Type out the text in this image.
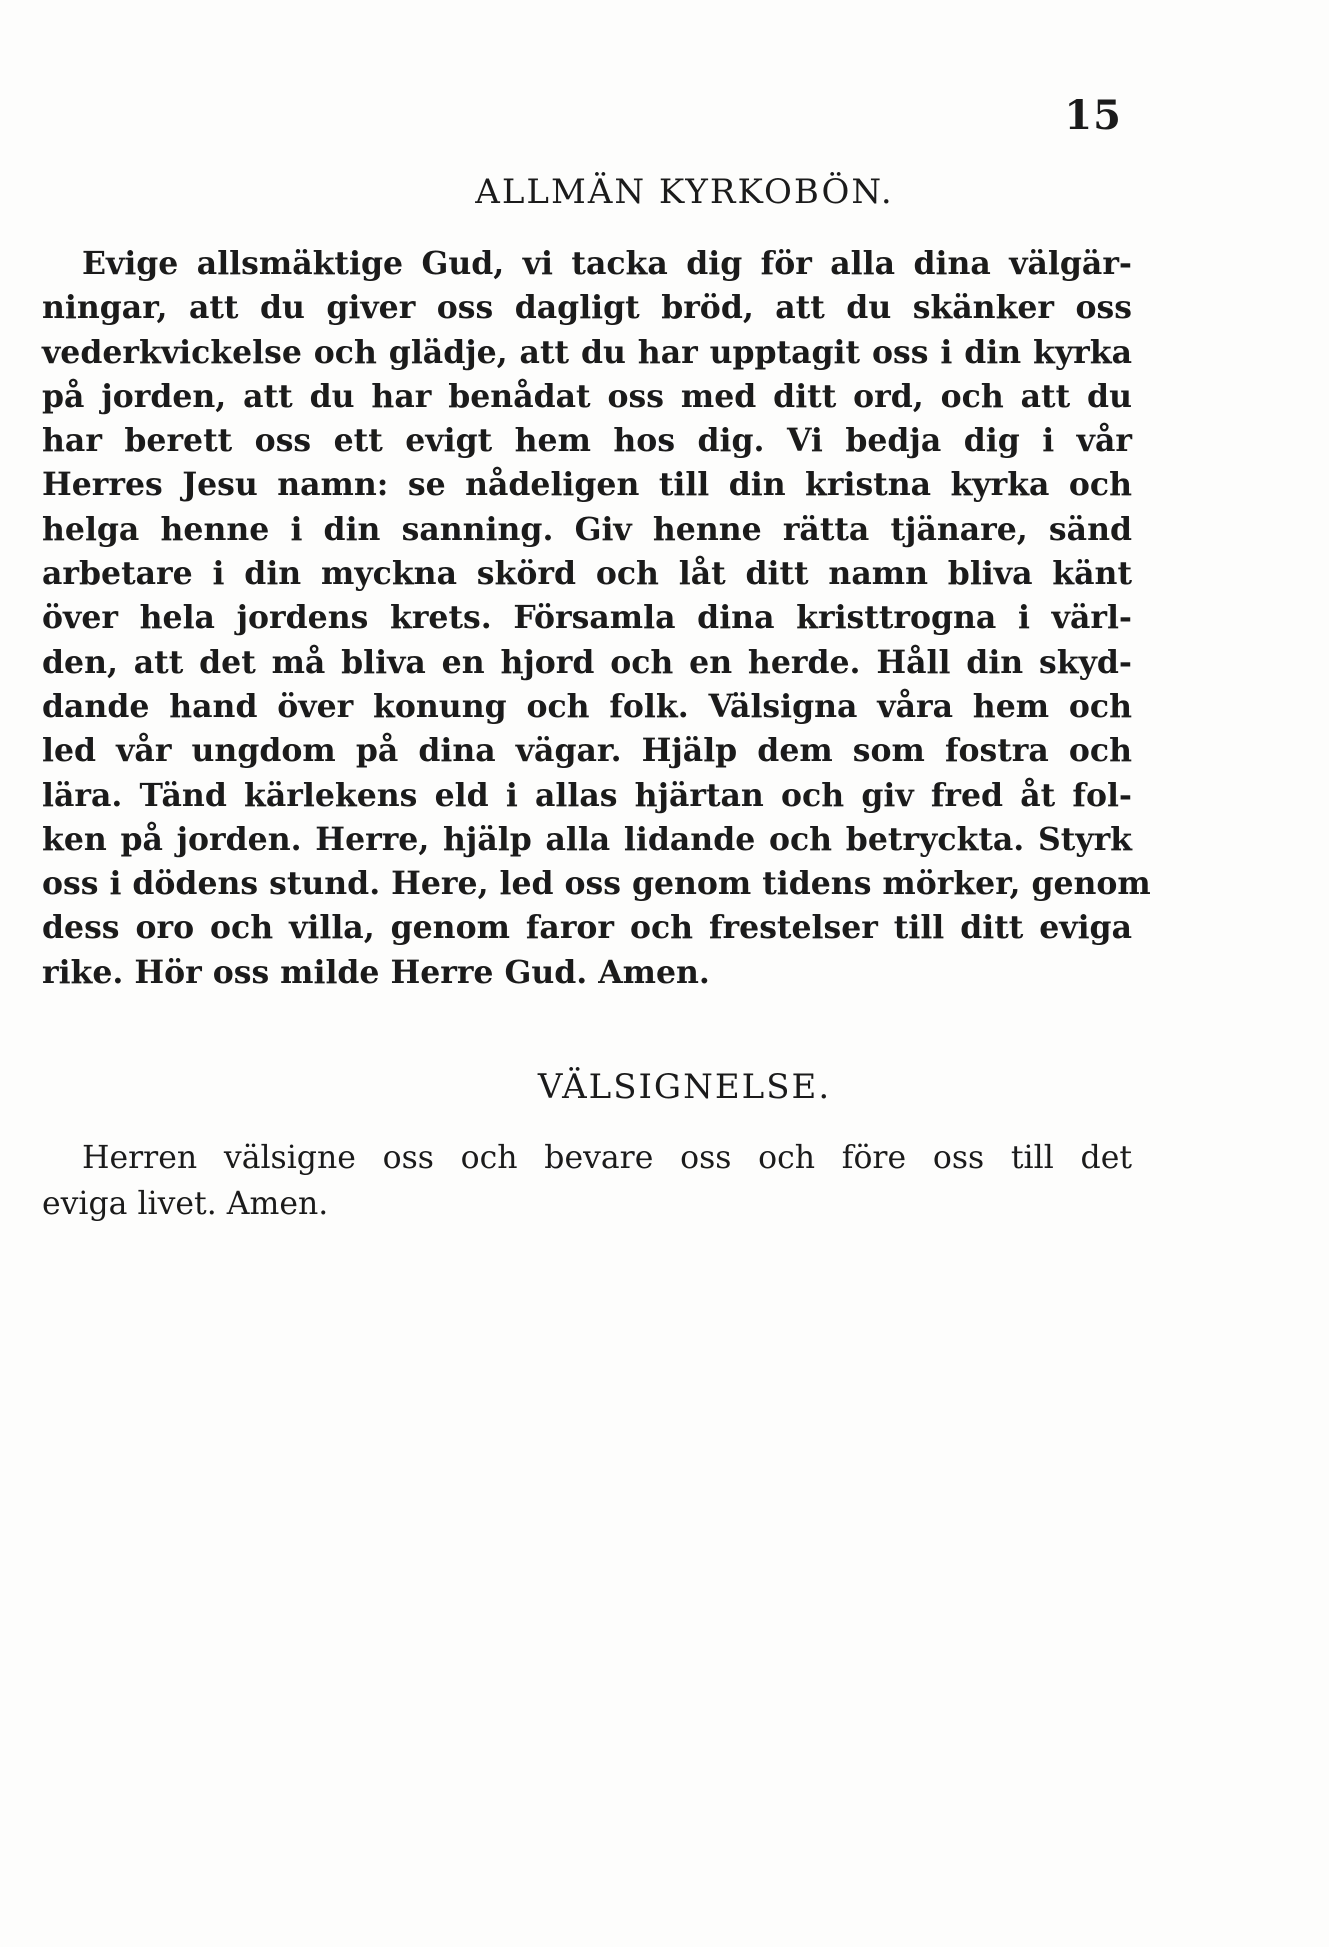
15
ALLMÄN KYRKOBÖN.
Evige allsmäktige Gud, vi tacka dig för alla dina välgär-
ningar, att du giver oss dagligt bröd, att du skänker oss
vederkvickelse och glädje, att du har upptagit oss i din kyrka
på jorden, att du har benådat oss med ditt ord, och att du
har berett oss ett evigt hem hos dig. Vi bedja dig i vår
Herres Jesu namn: se nådeligen till din kristna kyrka och
helga henne i din sanning. Giv henne rätta tjänare, sänd
arbetare i din myckna skörd och låt ditt namn bliva känt
över hela jordens krets. Församla dina kristtrogna i värl-
den, att det må bliva en hjord och en herde. Håll din skyd-
dande hand över konung och folk. Välsigna våra hem och
led vår ungdom på dina vägar. Hjälp dem som fostra och
lära. Tänd kärlekens eld i allas hjärtan och giv fred åt fol-
ken på jorden. Herre, hjälp alla lidande och betryckta. Styrk
oss i dödens stund. Here, led oss genom tidens mörker, genom
dess oro och villa, genom faror och frestelser till ditt eviga
rike. Hör oss milde Herre Gud. Amen.
VÄLSIGNELSE.
Herren välsigne oss och bevare oss och före oss till det
eviga livet. Amen.
